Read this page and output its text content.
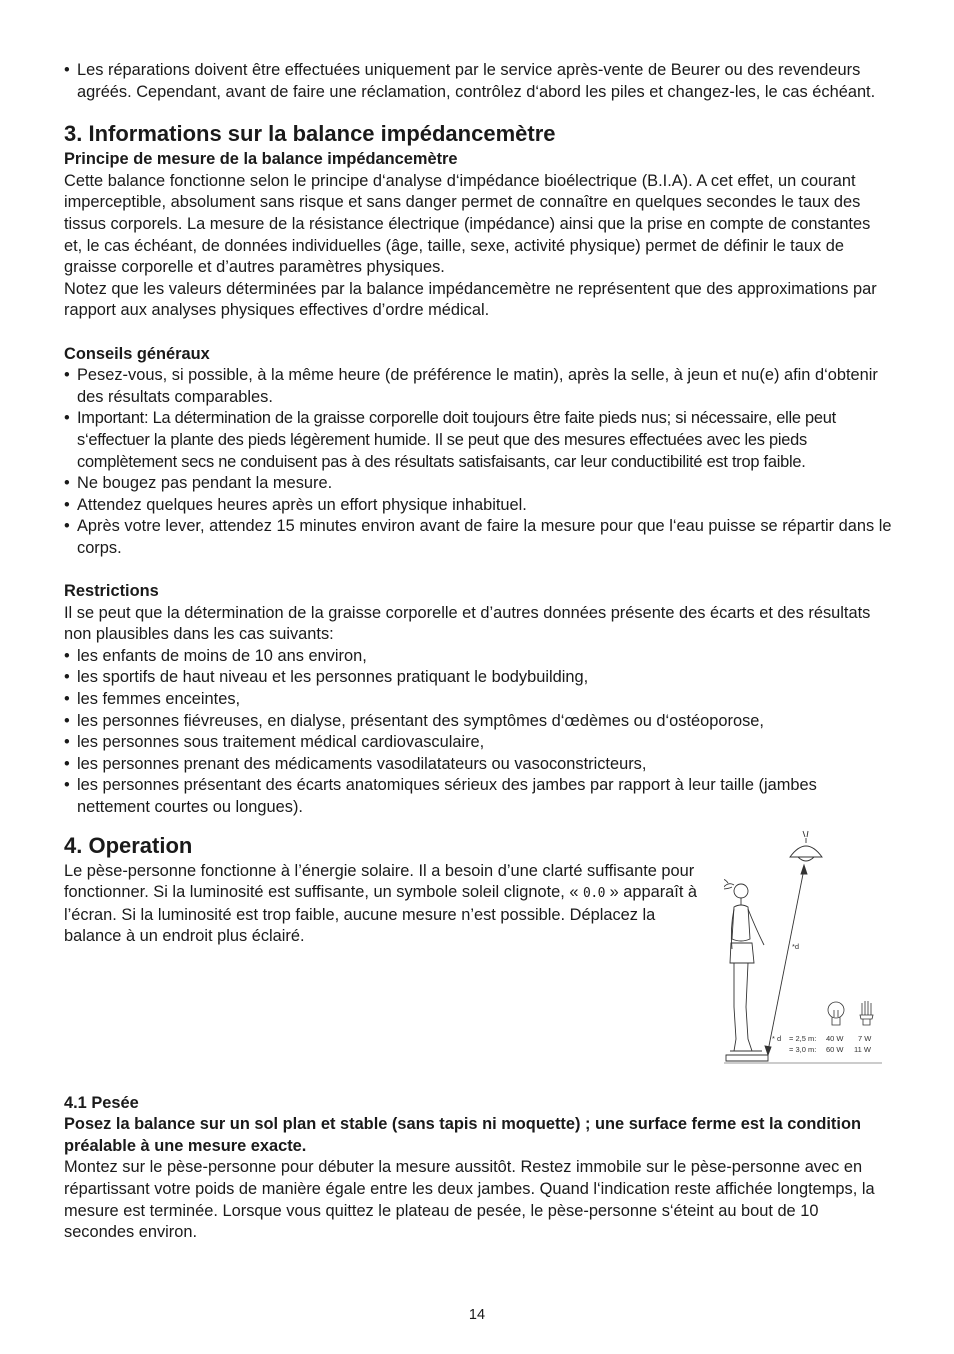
• Les réparations doivent être effectuées uniquement par le service après-vente de Beurer ou des revendeurs agréés. Cependant, avant de faire une réclamation, contrôlez d‘abord les piles et changez-les, le cas échéant.
3. Informations sur la balance impédancemètre
Principe de mesure de la balance impédancemètre

Cette balance fonctionne selon le principe d‘analyse d‘impédance bioélectrique (B.I.A). A cet effet, un courant imperceptible, absolument sans risque et sans danger permet de connaître en quelques secondes le taux des tissus corporels. La mesure de la résistance électrique (impédance) ainsi que la prise en compte de constantes et, le cas échéant, de données individuelles (âge, taille, sexe, activité physique) permet de définir le taux de graisse corporelle et d’autres paramètres physiques.

Notez que les valeurs déterminées par la balance impédancemètre ne représentent que des approximations par rapport aux analyses physiques effectives d’ordre médical.

Conseils généraux
• Pesez-vous, si possible, à la même heure (de préférence le matin), après la selle, à jeun et nu(e) afin d‘obtenir des résultats comparables.
• Important: La détermination de la graisse corporelle doit toujours être faite pieds nus; si nécessaire, elle peut s‘effectuer la plante des pieds légèrement humide. Il se peut que des mesures effectuées avec les pieds complètement secs ne conduisent pas à des résultats satisfaisants, car leur conductibilité est trop faible.
• Ne bougez pas pendant la mesure.
• Attendez quelques heures après un effort physique inhabituel.
• Après votre lever, attendez 15 minutes environ avant de faire la mesure pour que l‘eau puisse se répartir dans le corps.
Restrictions

Il se peut que la détermination de la graisse corporelle et d’autres données présente des écarts et des résultats non plausibles dans les cas suivants:

• les enfants de moins de 10 ans environ,
• les sportifs de haut niveau et les personnes pratiquant le bodybuilding,
• les femmes enceintes,
• les personnes fiévreuses, en dialyse, présentant des symptômes d‘œdèmes ou d‘ostéoporose,
• les personnes sous traitement médical cardiovasculaire,
• les personnes prenant des médicaments vasodilatateurs ou vasoconstricteurs,
• les personnes présentant des écarts anatomiques sérieux des jambes par rapport à leur taille (jambes nettement courtes ou longues).
4. Operation

Le pèse-personne fonctionne à l’énergie solaire. Il a besoin d’une clarté suffisante pour fonctionner. Si la luminosité est suffisante, un symbole soleil clignote, « 0.0 » apparaît à l’écran. Si la luminosité est trop faible, aucune mesure n’est possible. Déplacez la balance à un endroit plus éclairé.

*d
* d = 2,5 m: 40 W 7 W
= 3,0 m: 60 W 11 W
4.1 Pesée

Posez la balance sur un sol plan et stable (sans tapis ni moquette) ; une surface ferme est la condition préalable à une mesure exacte.

Montez sur le pèse-personne pour débuter la mesure aussitôt. Restez immobile sur le pèse-personne avec en répartissant votre poids de manière égale entre les deux jambes. Quand l‘indication reste affichée longtemps, la mesure est terminée. Lorsque vous quittez le plateau de pesée, le pèse-personne s‘éteint au bout de 10 secondes environ.

14
